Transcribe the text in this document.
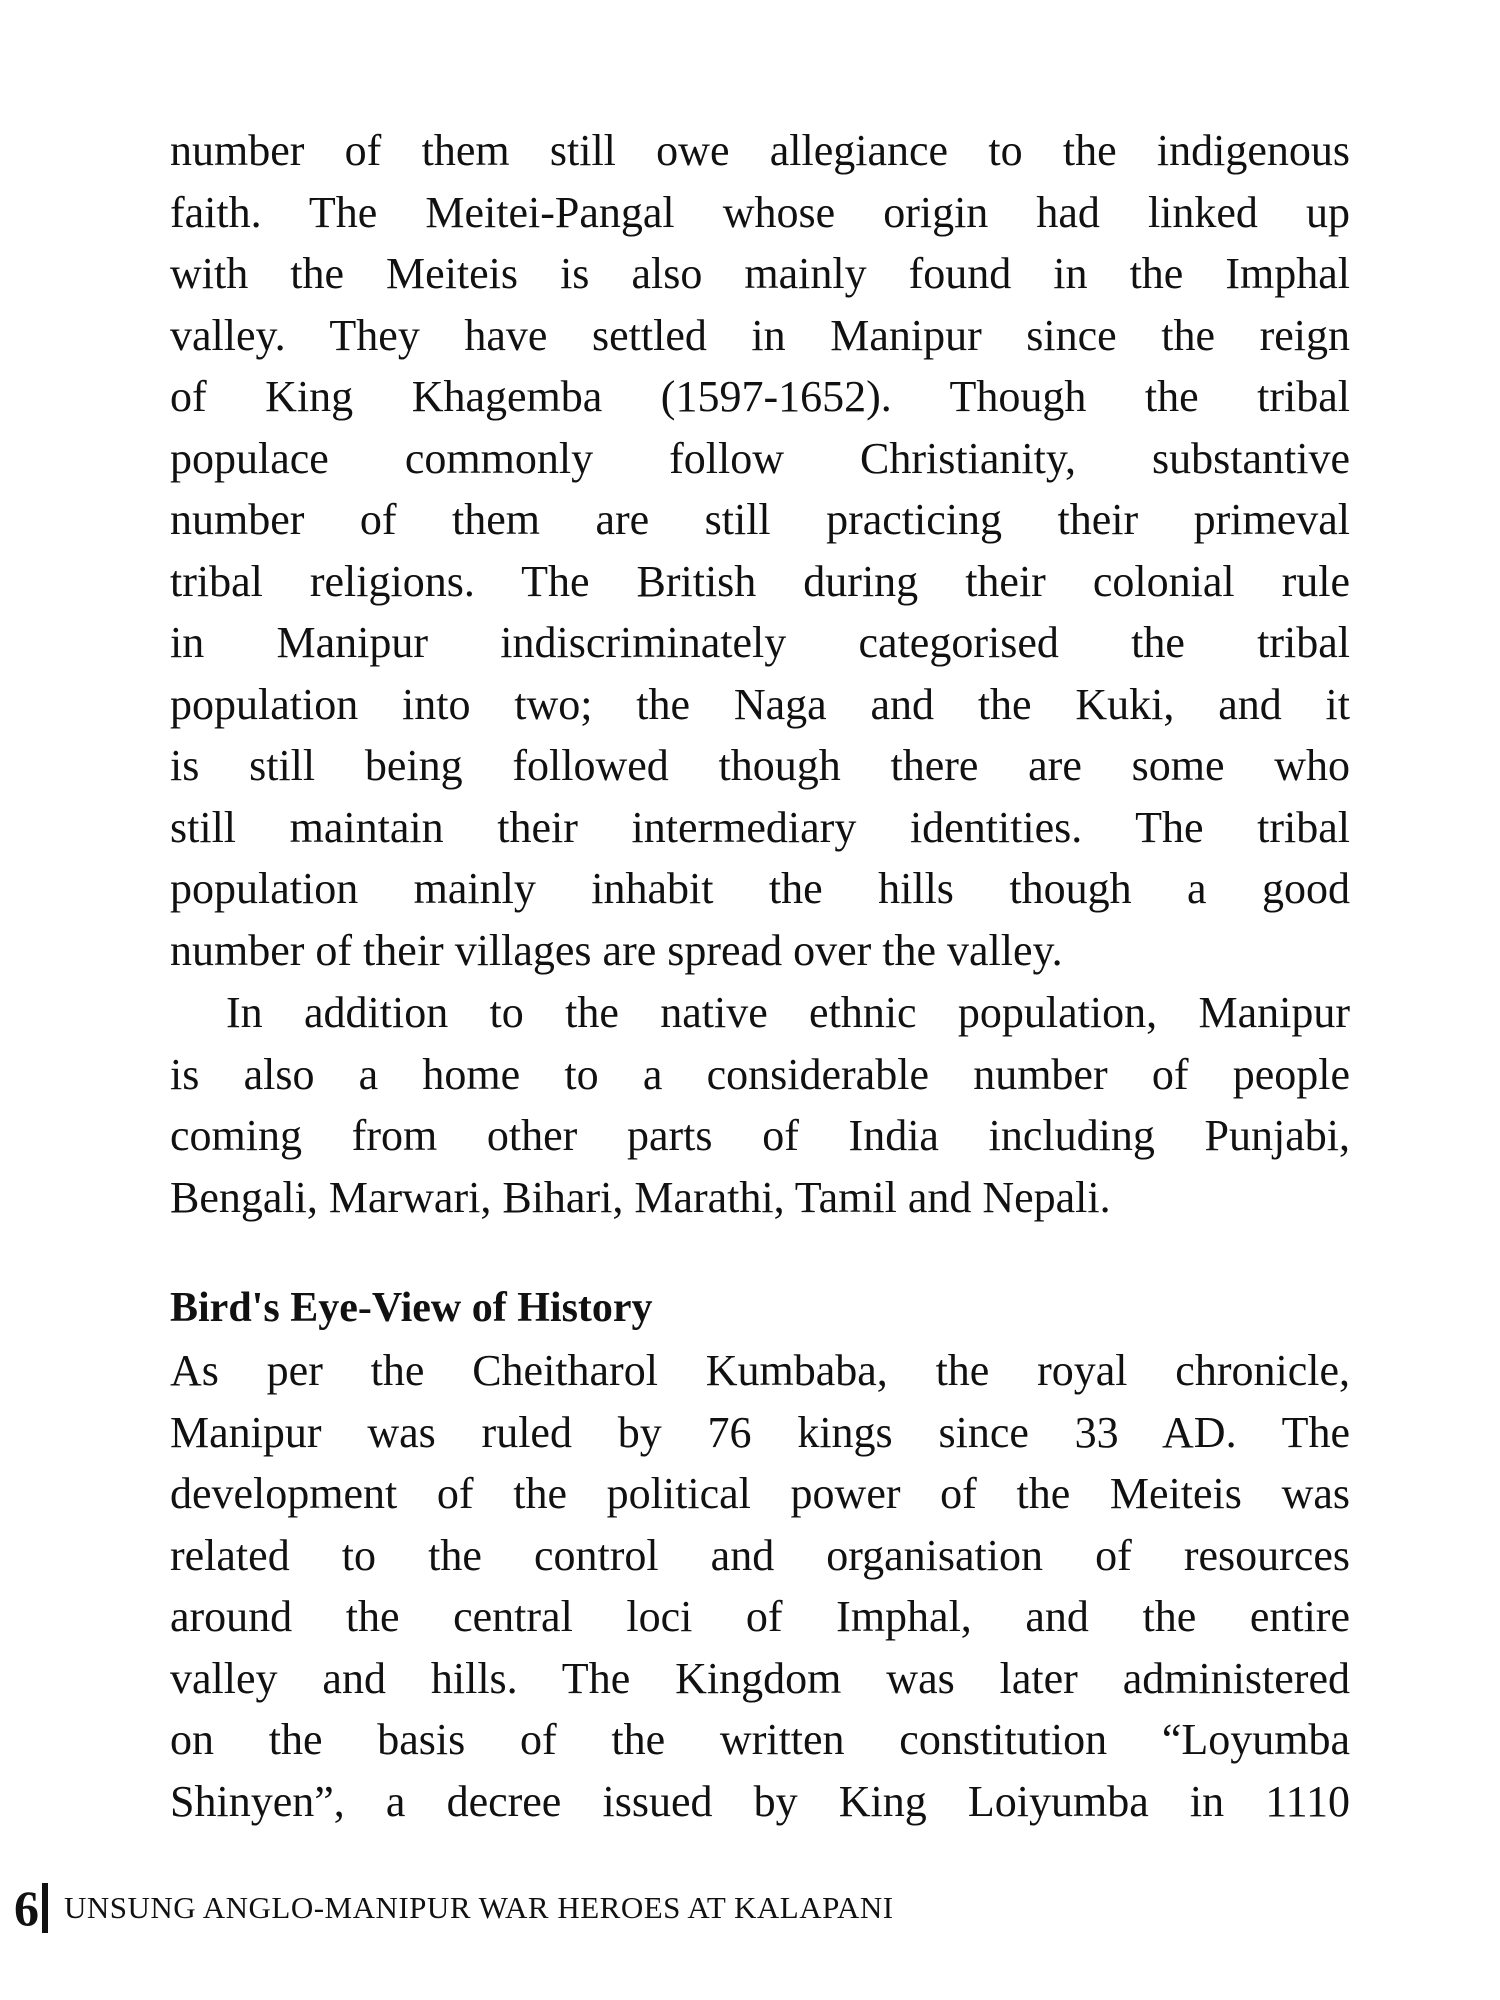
number of them still owe allegiance to the indigenous
faith. The Meitei-Pangal whose origin had linked up
with the Meiteis is also mainly found in the Imphal
valley. They have settled in Manipur since the reign
of King Khagemba (1597-1652). Though the tribal
populace commonly follow Christianity, substantive
number of them are still practicing their primeval
tribal religions. The British during their colonial rule
in Manipur indiscriminately categorised the tribal
population into two; the Naga and the Kuki, and it
is still being followed though there are some who
still maintain their intermediary identities. The tribal
population mainly inhabit the hills though a good
number of their villages are spread over the valley.
In addition to the native ethnic population, Manipur
is also a home to a considerable number of people
coming from other parts of India including Punjabi,
Bengali, Marwari, Bihari, Marathi, Tamil and Nepali.
Bird's Eye-View of History
As per the Cheitharol Kumbaba, the royal chronicle,
Manipur was ruled by 76 kings since 33 AD. The
development of the political power of the Meiteis was
related to the control and organisation of resources
around the central loci of Imphal, and the entire
valley and hills. The Kingdom was later administered
on the basis of the written constitution “Loyumba
Shinyen”, a decree issued by King Loiyumba in 1110
6 UNSUNG ANGLO-MANIPUR WAR HEROES AT KALAPANI
